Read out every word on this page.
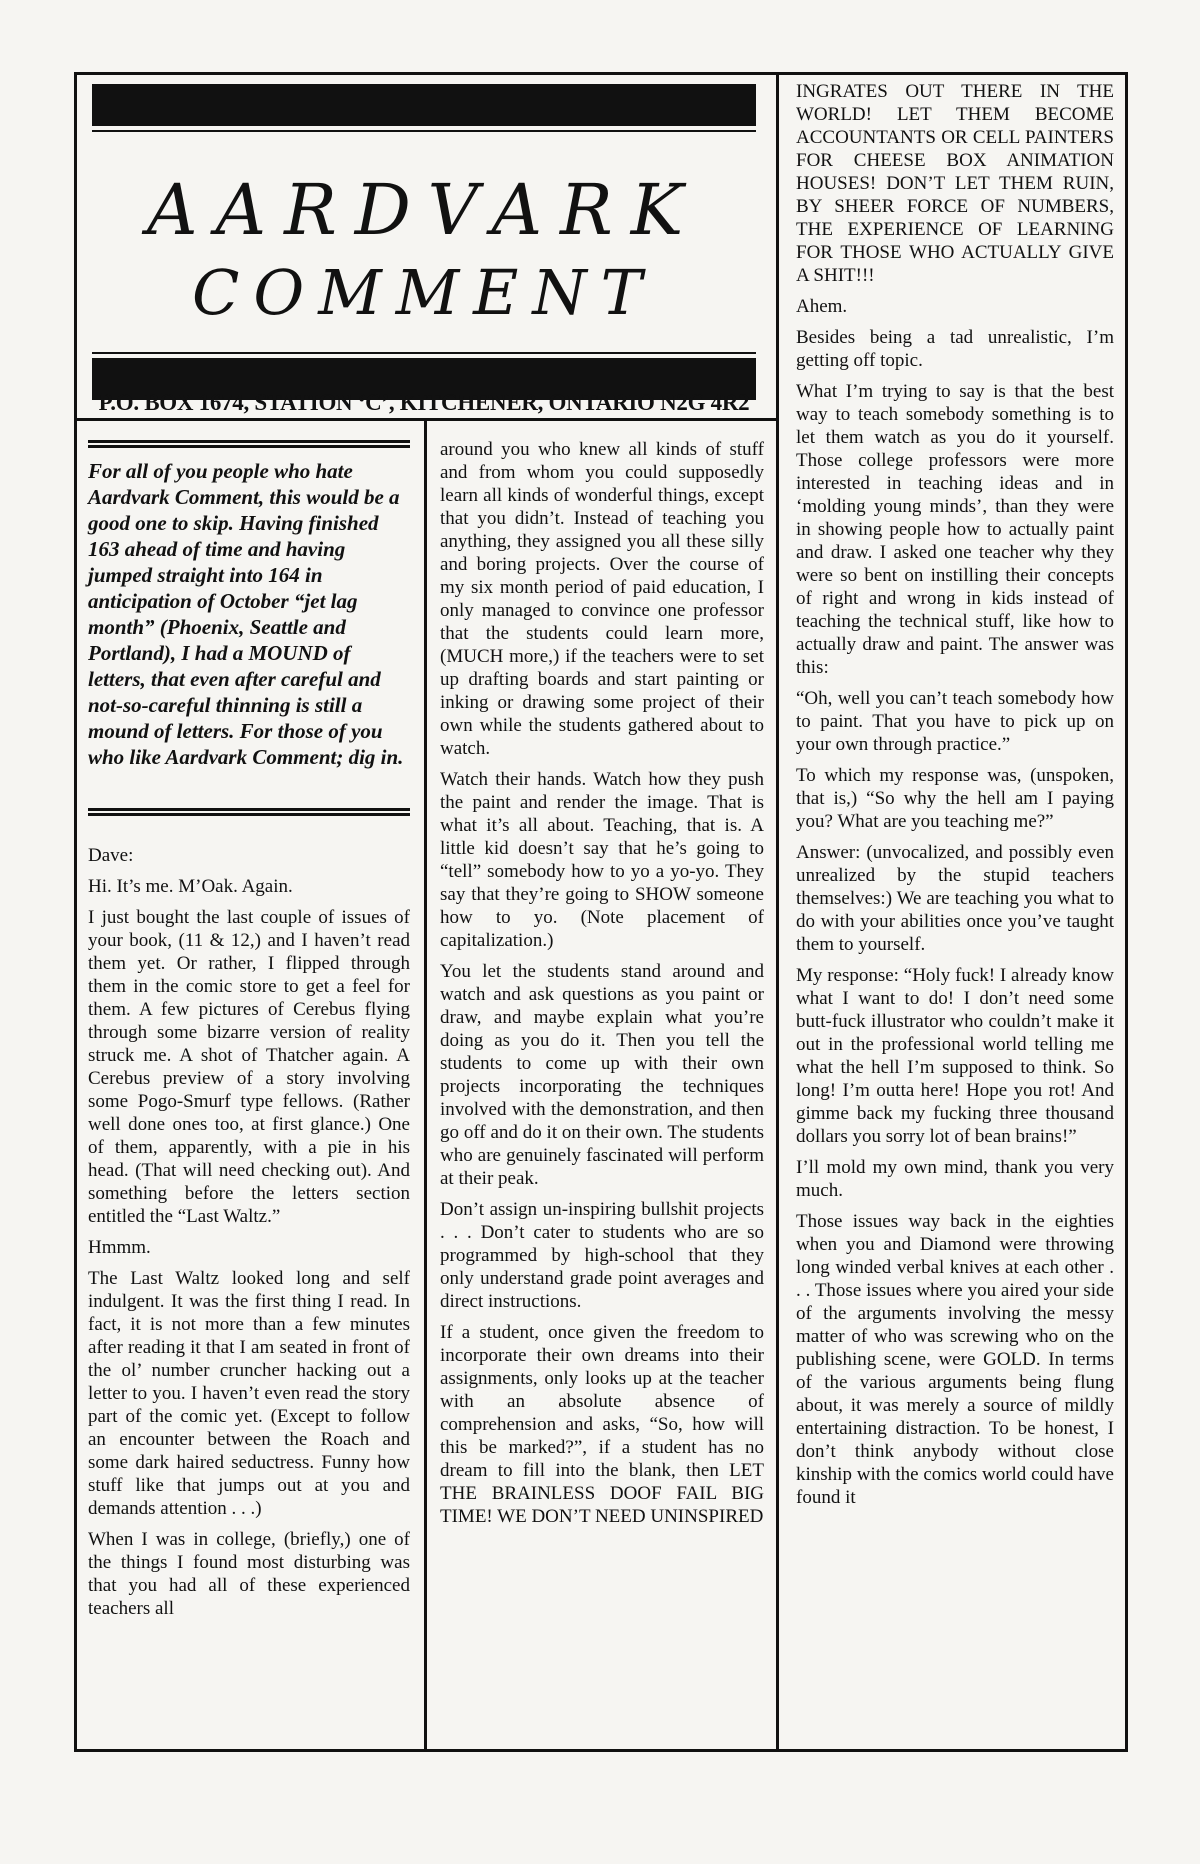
AARDVARK
COMMENT
P.O. BOX 1674, STATION ‘C’, KITCHENER, ONTARIO N2G 4R2
For all of you people who hate Aardvark Comment, this would be a good one to skip. Having finished 163 ahead of time and having jumped straight into 164 in anticipation of October “jet lag month” (Phoenix, Seattle and Portland), I had a MOUND of letters, that even after careful and not-so-careful thinning is still a mound of letters. For those of you who like Aardvark Comment; dig in.

Dave:

Hi. It’s me. M’Oak. Again.

I just bought the last couple of issues of your book, (11 & 12,) and I haven’t read them yet. Or rather, I flipped through them in the comic store to get a feel for them. A few pictures of Cerebus flying through some bizarre version of reality struck me. A shot of Thatcher again. A Cerebus preview of a story involving some Pogo-Smurf type fellows. (Rather well done ones too, at first glance.) One of them, apparently, with a pie in his head. (That will need checking out). And something before the letters section entitled the “Last Waltz.”

Hmmm.

The Last Waltz looked long and self indulgent. It was the first thing I read. In fact, it is not more than a few minutes after reading it that I am seated in front of the ol’ number cruncher hacking out a letter to you. I haven’t even read the story part of the comic yet. (Except to follow an encounter between the Roach and some dark haired seductress. Funny how stuff like that jumps out at you and demands attention . . .)

When I was in college, (briefly,) one of the things I found most disturbing was that you had all of these experienced teachers all

around you who knew all kinds of stuff and from whom you could supposedly learn all kinds of wonderful things, except that you didn’t. Instead of teaching you anything, they assigned you all these silly and boring projects. Over the course of my six month period of paid education, I only managed to convince one professor that the students could learn more, (MUCH more,) if the teachers were to set up drafting boards and start painting or inking or drawing some project of their own while the students gathered about to watch.

Watch their hands. Watch how they push the paint and render the image. That is what it’s all about. Teaching, that is. A little kid doesn’t say that he’s going to “tell” somebody how to yo a yo-yo. They say that they’re going to SHOW someone how to yo. (Note placement of capitalization.)

You let the students stand around and watch and ask questions as you paint or draw, and maybe explain what you’re doing as you do it. Then you tell the students to come up with their own projects incorporating the techniques involved with the demonstration, and then go off and do it on their own. The students who are genuinely fascinated will perform at their peak.

Don’t assign un-inspiring bullshit projects . . . Don’t cater to students who are so programmed by high-school that they only understand grade point averages and direct instructions.

If a student, once given the freedom to incorporate their own dreams into their assignments, only looks up at the teacher with an absolute absence of comprehension and asks, “So, how will this be marked?”, if a student has no dream to fill into the blank, then LET THE BRAINLESS DOOF FAIL BIG TIME! WE DON’T NEED UNINSPIRED

INGRATES OUT THERE IN THE WORLD! LET THEM BECOME ACCOUNTANTS OR CELL PAINTERS FOR CHEESE BOX ANIMATION HOUSES! DON’T LET THEM RUIN, BY SHEER FORCE OF NUMBERS, THE EXPERIENCE OF LEARNING FOR THOSE WHO ACTUALLY GIVE A SHIT!!!

Ahem.

Besides being a tad unrealistic, I’m getting off topic.

What I’m trying to say is that the best way to teach somebody something is to let them watch as you do it yourself. Those college professors were more interested in teaching ideas and in ‘molding young minds’, than they were in showing people how to actually paint and draw. I asked one teacher why they were so bent on instilling their concepts of right and wrong in kids instead of teaching the technical stuff, like how to actually draw and paint. The answer was this:

“Oh, well you can’t teach somebody how to paint. That you have to pick up on your own through practice.”

To which my response was, (unspoken, that is,) “So why the hell am I paying you? What are you teaching me?”

Answer: (unvocalized, and possibly even unrealized by the stupid teachers themselves:) We are teaching you what to do with your abilities once you’ve taught them to yourself.

My response: “Holy fuck! I already know what I want to do! I don’t need some butt-fuck illustrator who couldn’t make it out in the professional world telling me what the hell I’m supposed to think. So long! I’m outta here! Hope you rot! And gimme back my fucking three thousand dollars you sorry lot of bean brains!”

I’ll mold my own mind, thank you very much.

Those issues way back in the eighties when you and Diamond were throwing long winded verbal knives at each other . . . Those issues where you aired your side of the arguments involving the messy matter of who was screwing who on the publishing scene, were GOLD. In terms of the various arguments being flung about, it was merely a source of mildly entertaining distraction. To be honest, I don’t think anybody without close kinship with the comics world could have found it
